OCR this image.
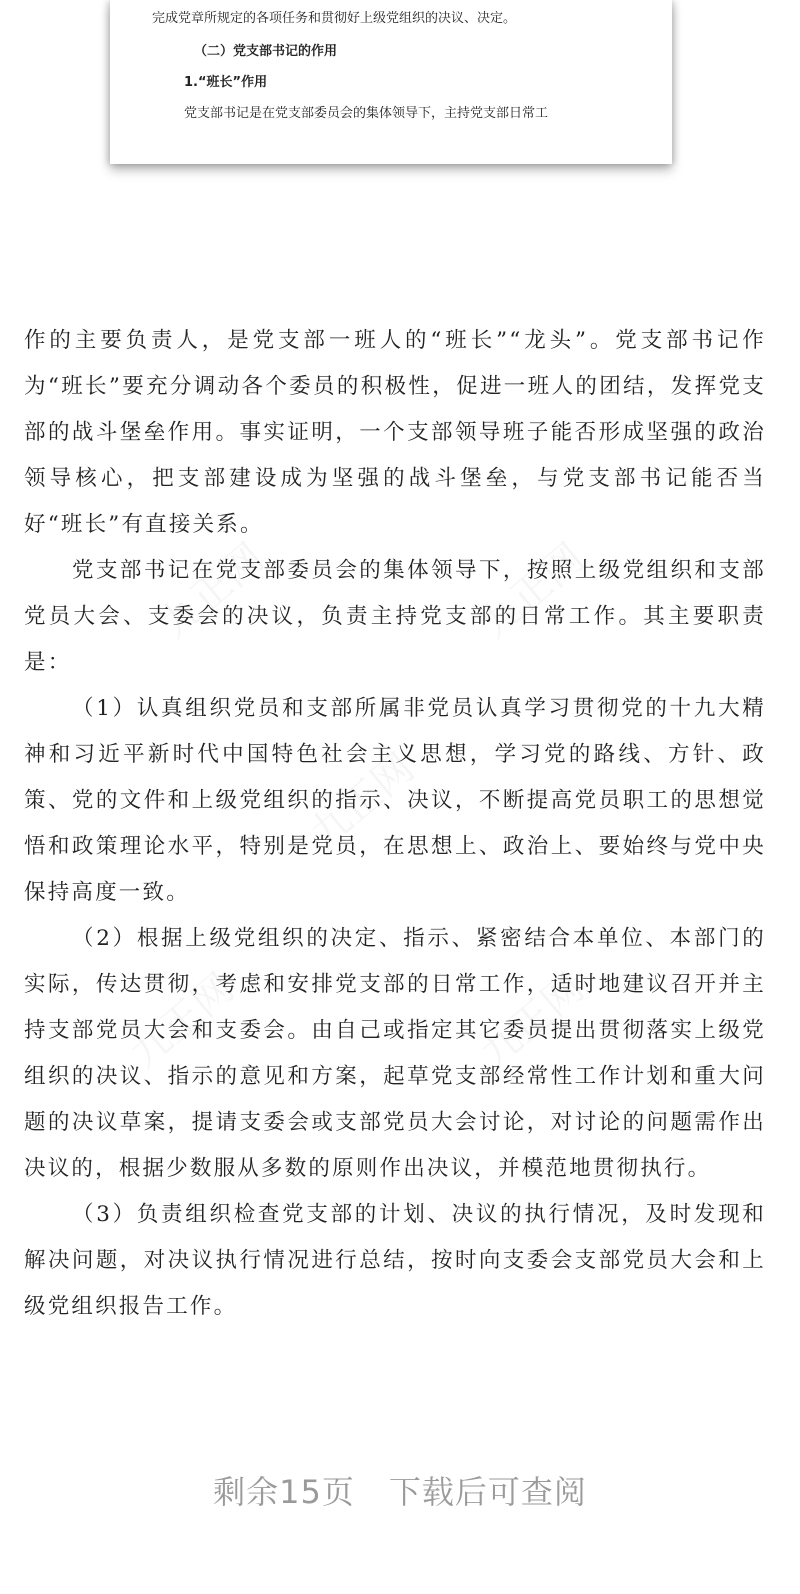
完成党章所规定的各项任务和贯彻好上级党组织的决议、决定。
（二）党支部书记的作用
1.“班长”作用
党支部书记是在党支部委员会的集体领导下，主持党支部日常工
九正网	九正网
九正网
九正网	九正网

作的主要负责人，是党支部一班人的“班长”“龙头”。党支部书记作为“班长”要充分调动各个委员的积极性，促进一班人的团结，发挥党支部的战斗堡垒作用。事实证明，一个支部领导班子能否形成坚强的政治领导核心，把支部建设成为坚强的战斗堡垒，与党支部书记能否当好“班长”有直接关系。

党支部书记在党支部委员会的集体领导下，按照上级党组织和支部党员大会、支委会的决议，负责主持党支部的日常工作。其主要职责是：

（1）认真组织党员和支部所属非党员认真学习贯彻党的十九大精神和习近平新时代中国特色社会主义思想，学习党的路线、方针、政策、党的文件和上级党组织的指示、决议，不断提高党员职工的思想觉悟和政策理论水平，特别是党员，在思想上、政治上、要始终与党中央保持高度一致。

（2）根据上级党组织的决定、指示、紧密结合本单位、本部门的实际，传达贯彻，考虑和安排党支部的日常工作，适时地建议召开并主持支部党员大会和支委会。由自己或指定其它委员提出贯彻落实上级党组织的决议、指示的意见和方案，起草党支部经常性工作计划和重大问题的决议草案，提请支委会或支部党员大会讨论，对讨论的问题需作出决议的，根据少数服从多数的原则作出决议，并模范地贯彻执行。

（3）负责组织检查党支部的计划、决议的执行情况，及时发现和解决问题，对决议执行情况进行总结，按时向支委会支部党员大会和上级党组织报告工作。

剩余15页 下载后可查阅
